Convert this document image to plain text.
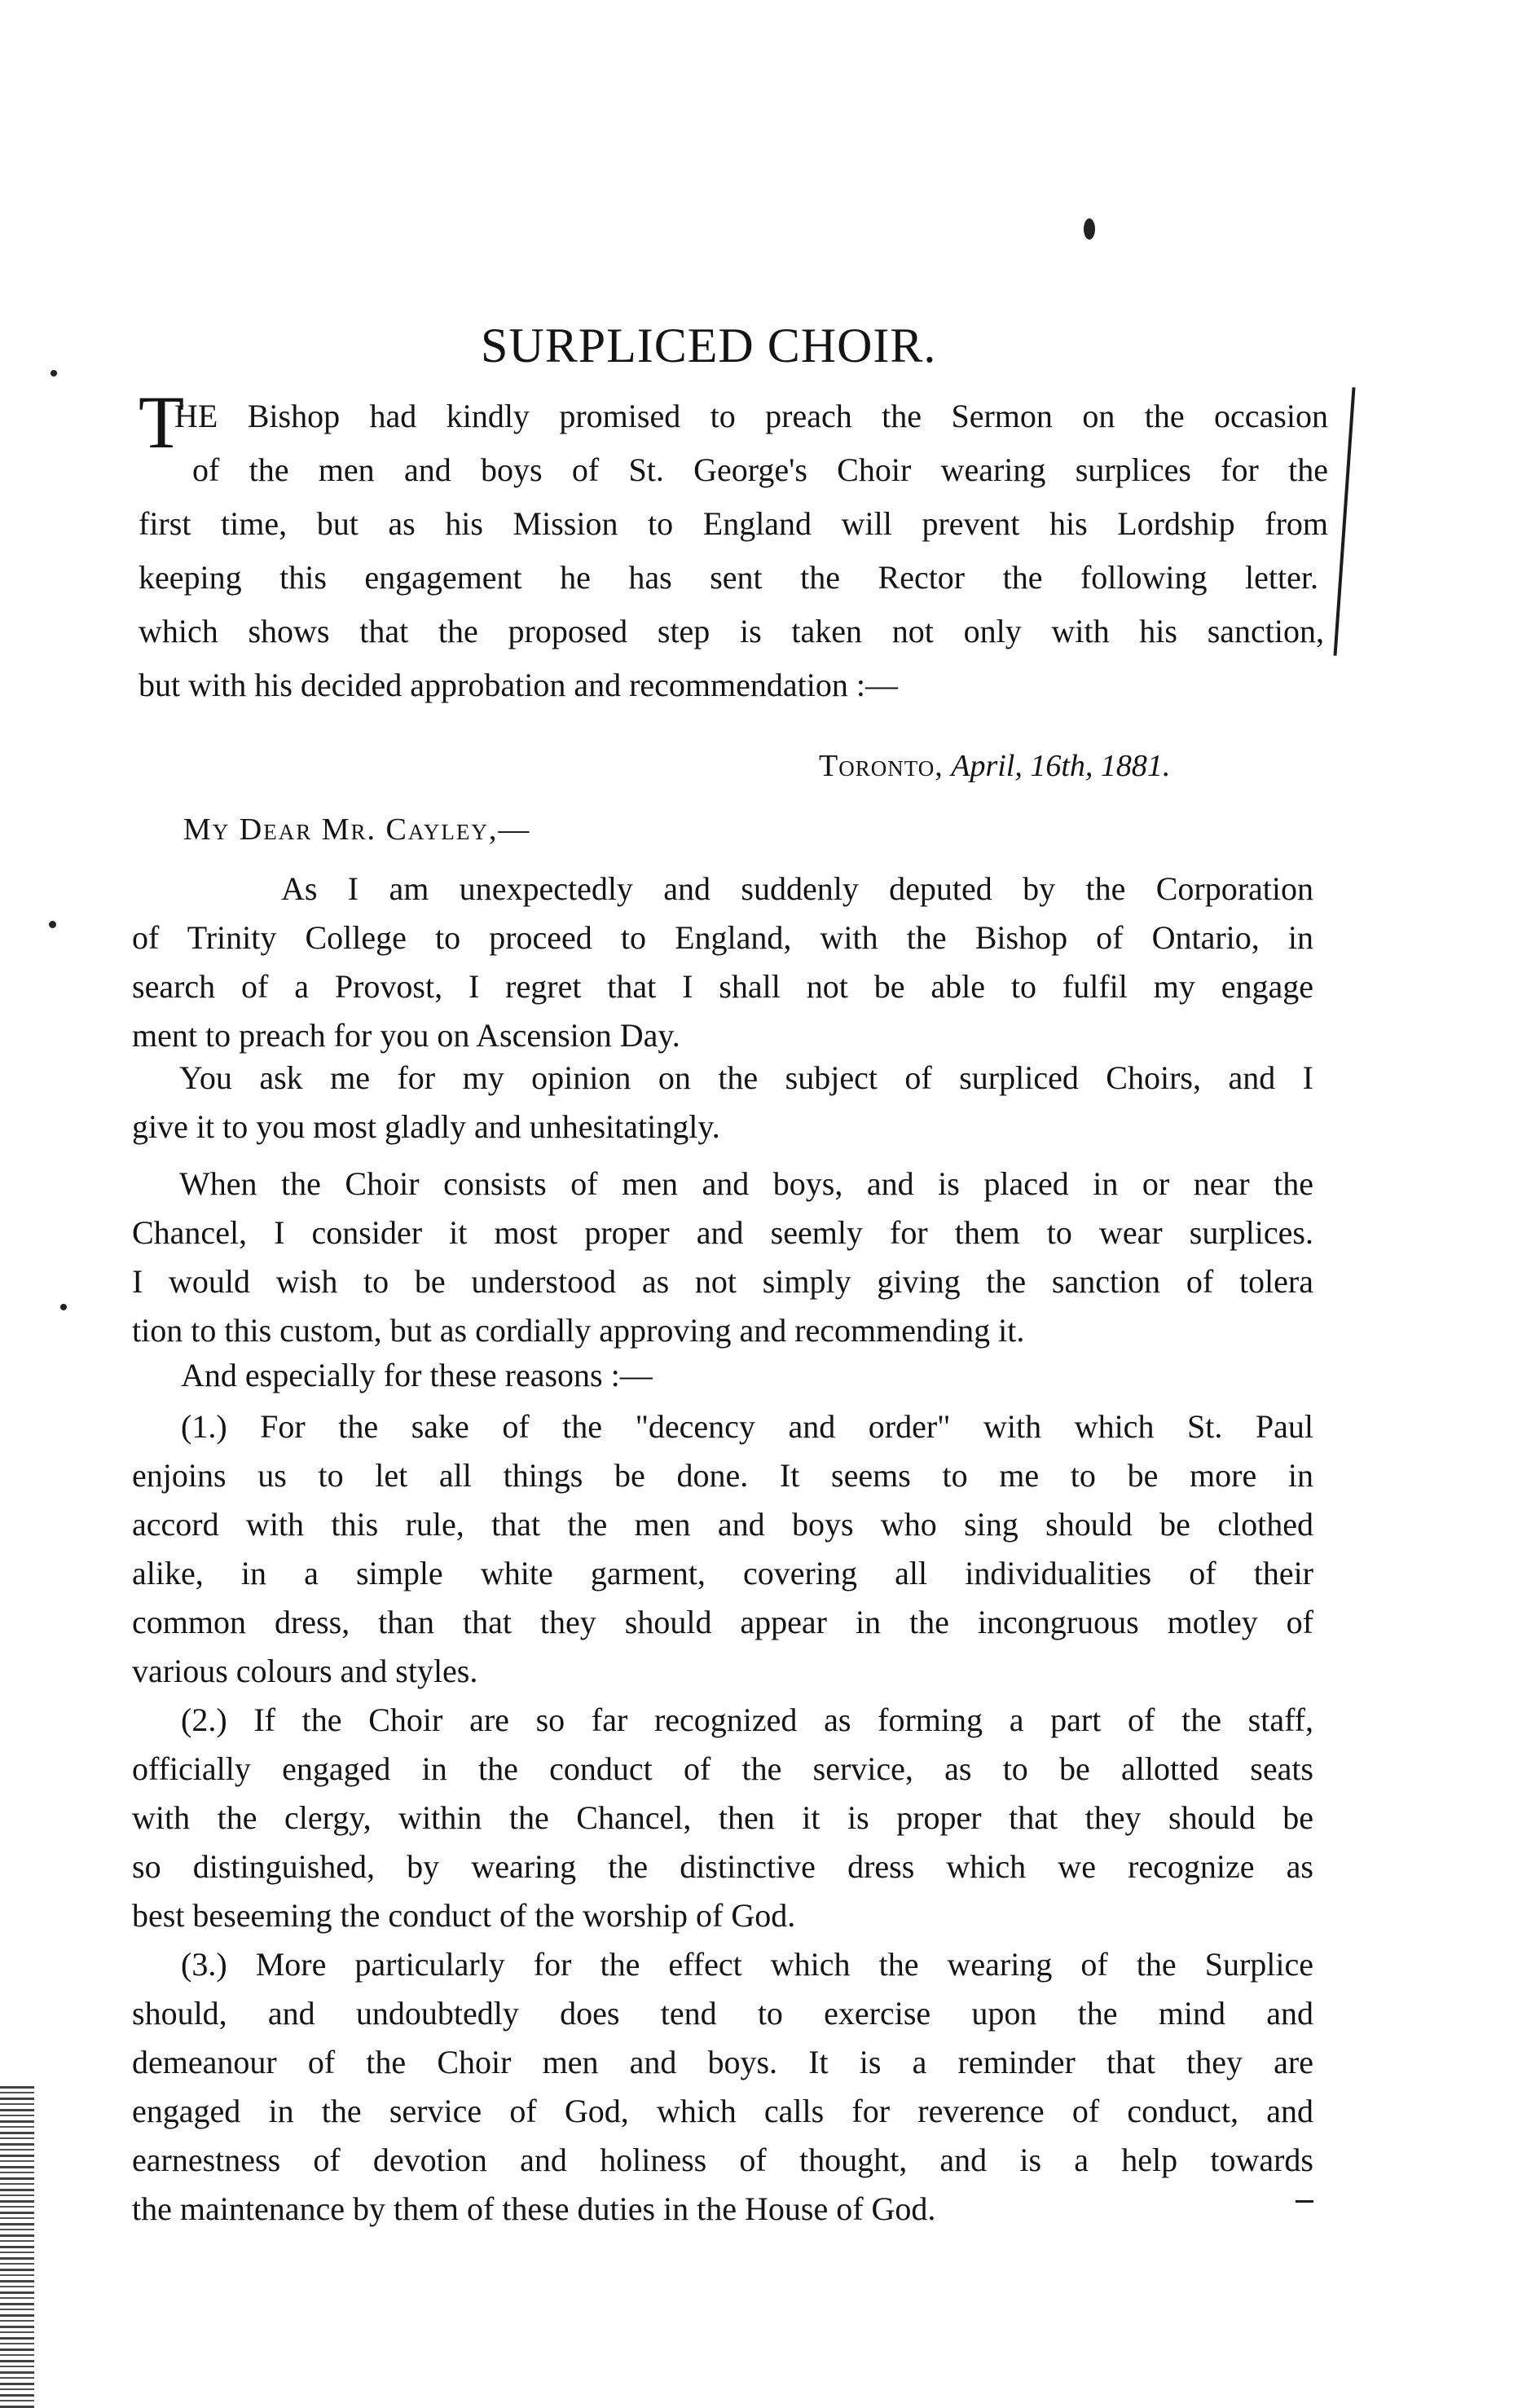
SURPLICED CHOIR.
T
HE Bishop had kindly promised to preach the Sermon on the occasion
of the men and boys of St. George's Choir wearing surplices for the
first time, but as his Mission to England will prevent his Lordship from
keeping this engagement he has sent the Rector the following letter.
which shows that the proposed step is taken not only with his sanction,
but with his decided approbation and recommendation :—
Toronto, April, 16th, 1881.
My Dear Mr. Cayley,—
As I am unexpectedly and suddenly deputed by the Corporation
of Trinity College to proceed to England, with the Bishop of Ontario, in
search of a Provost, I regret that I shall not be able to fulfil my engage
ment to preach for you on Ascension Day.
You ask me for my opinion on the subject of surpliced Choirs, and I
give it to you most gladly and unhesitatingly.
When the Choir consists of men and boys, and is placed in or near the
Chancel, I consider it most proper and seemly for them to wear surplices.
I would wish to be understood as not simply giving the sanction of tolera
tion to this custom, but as cordially approving and recommending it.
And especially for these reasons :—
(1.) For the sake of the "decency and order" with which St. Paul
enjoins us to let all things be done. It seems to me to be more in
accord with this rule, that the men and boys who sing should be clothed
alike, in a simple white garment, covering all individualities of their
common dress, than that they should appear in the incongruous motley of
various colours and styles.
(2.) If the Choir are so far recognized as forming a part of the staff,
officially engaged in the conduct of the service, as to be allotted seats
with the clergy, within the Chancel, then it is proper that they should be
so distinguished, by wearing the distinctive dress which we recognize as
best beseeming the conduct of the worship of God.
(3.) More particularly for the effect which the wearing of the Surplice
should, and undoubtedly does tend to exercise upon the mind and
demeanour of the Choir men and boys. It is a reminder that they are
engaged in the service of God, which calls for reverence of conduct, and
earnestness of devotion and holiness of thought, and is a help towards
the maintenance by them of these duties in the House of God.
